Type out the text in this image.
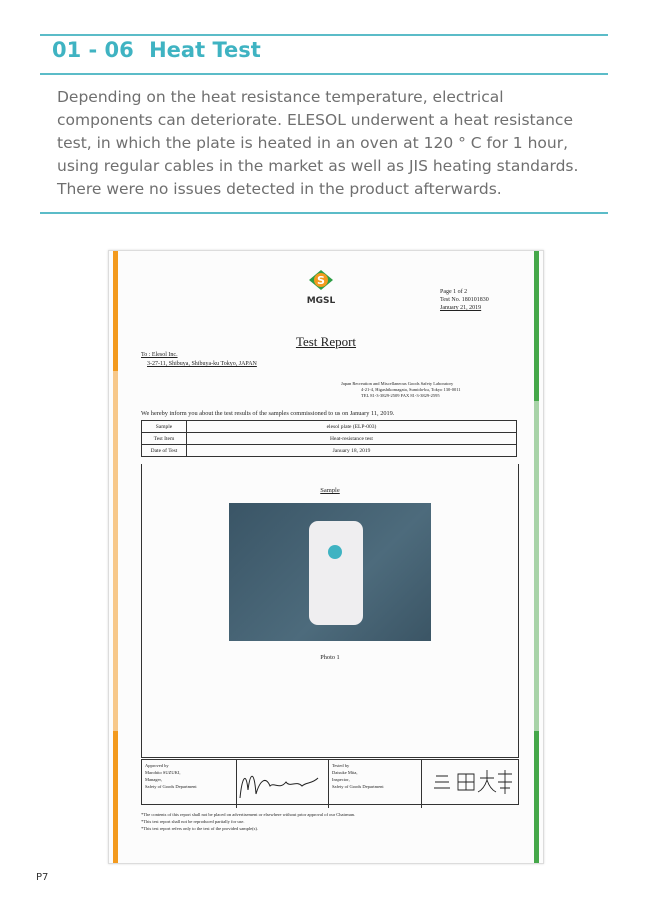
01 - 06 Heat Test
Depending on the heat resistance temperature, electrical components can deteriorate. ELESOL underwent a heat resistance test, in which the plate is heated in an oven at 120 ° C for 1 hour, using regular cables in the market as well as JIS heating standards. There were no issues detected in the product afterwards.
S
MGSL
Page 1 of 2
Test No. 180101830
January 21, 2019
Test Report
To : Elesol Inc.
3-27-11, Shibuya, Shibuya-ku Tokyo, JAPAN
Japan Recreation and Miscellaneous Goods Safety Laboratory
4-21-4, Higashikomagata, Sumida-ku, Tokyo 130-0011
TEL 81-3-3829-2509 FAX 81-3-3829-2595
We hereby inform you about the test results of the samples commissioned to us on January 11, 2019.
Sample	elesol plate (ELP-003)
Test Item	Heat-resistance test
Date of Test	January 18, 2019
Sample
Photo 1
Approved by
Marohito SUZUKI,
Manager,
Safety of Goods Department
Tested by
Daisuke Mita,
Inspector,
Safety of Goods Department
*The contents of this report shall not be placed on advertisement or elsewhere without prior approval of our Chairman.
*This test report shall not be reproduced partially for use.
*This test report refers only to the test of the provided sample(s).
P7
